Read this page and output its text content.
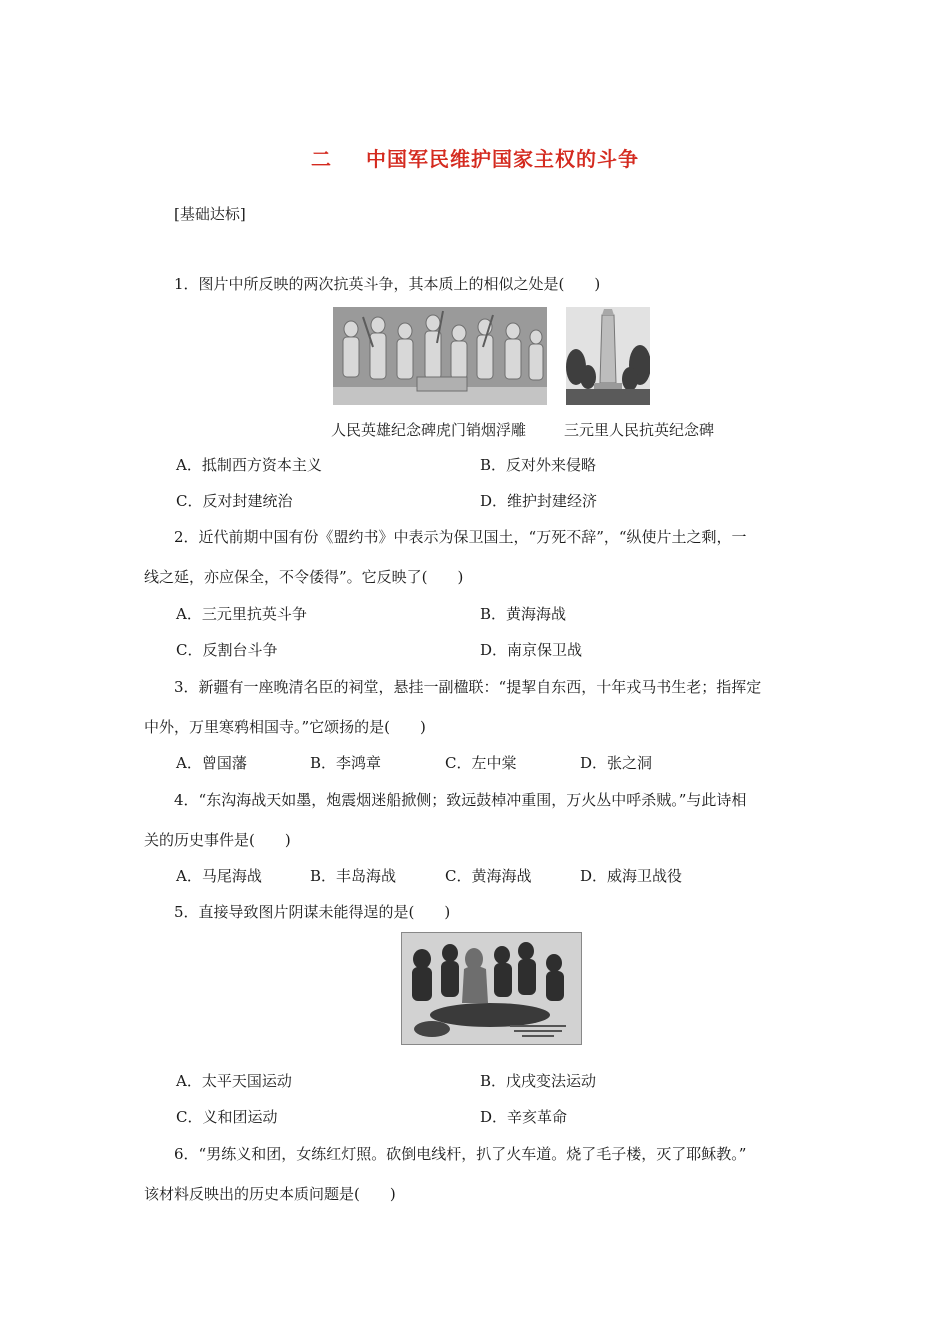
二 中国军民维护国家主权的斗争
[基础达标]
1．图片中所反映的两次抗英斗争，其本质上的相似之处是(　　)
人民英雄纪念碑虎门销烟浮雕	三元里人民抗英纪念碑
A．抵制西方资本主义	B．反对外来侵略
C．反对封建统治	D．维护封建经济
2．近代前期中国有份《盟约书》中表示为保卫国土，“万死不辞”，“纵使片土之剩，一
线之延，亦应保全，不令倭得”。它反映了(　　)
A．三元里抗英斗争	B．黄海海战
C．反割台斗争	D．南京保卫战
3．新疆有一座晚清名臣的祠堂，悬挂一副楹联：“提挈自东西，十年戎马书生老；指挥定
中外，万里寒鸦相国寺。”它颂扬的是(　　)
A．曾国藩	B．李鸿章	C．左中棠	D．张之洞
4．“东沟海战天如墨，炮震烟迷船掀侧；致远鼓棹冲重围，万火丛中呼杀贼。”与此诗相
关的历史事件是(　　)
A．马尾海战	B．丰岛海战	C．黄海海战	D．威海卫战役
5．直接导致图片阴谋未能得逞的是(　　)
A．太平天国运动	B．戊戌变法运动
C．义和团运动	D．辛亥革命
6．“男练义和团，女练红灯照。砍倒电线杆，扒了火车道。烧了毛子楼，灭了耶稣教。”
该材料反映出的历史本质问题是(　　)
